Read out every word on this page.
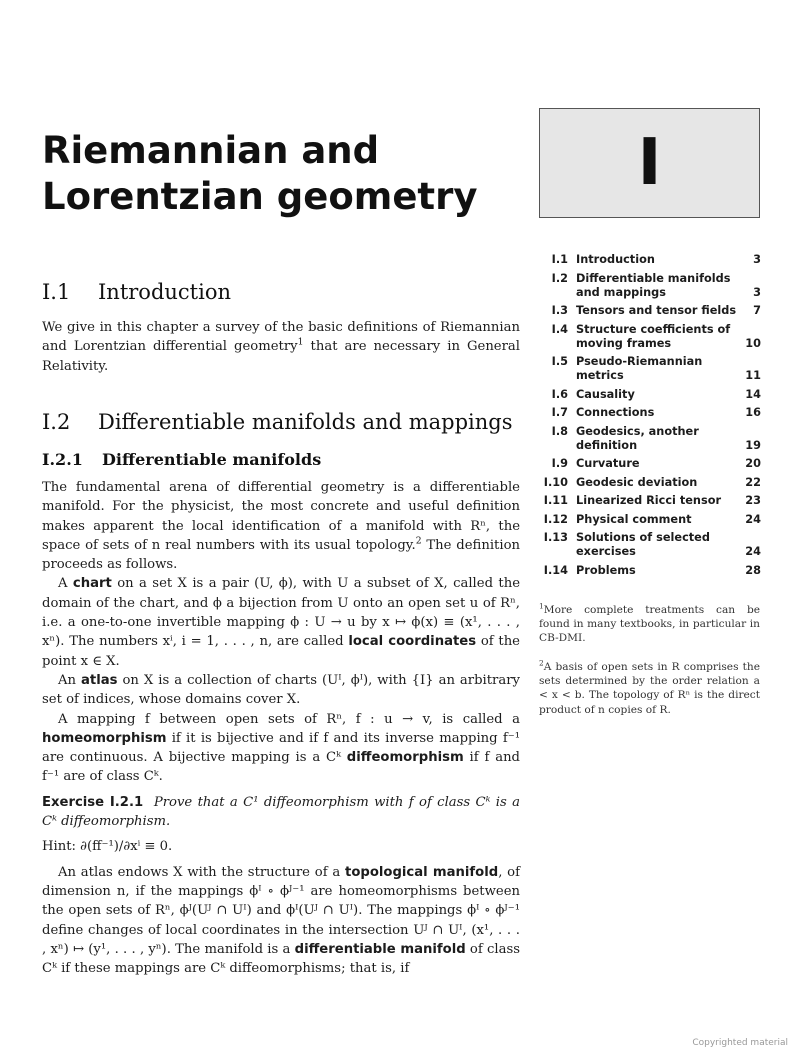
Riemannian and Lorentzian geometry	I
I.1 Introduction

We give in this chapter a survey of the basic definitions of Riemannian and Lorentzian differential geometry$^1$ that are necessary in General Relativity.

I.2 Differentiable manifolds and mappings
I.2.1 Differentiable manifolds

The fundamental arena of differential geometry is a differentiable manifold. For the physicist, the most concrete and useful definition makes apparent the local identification of a manifold with Rⁿ, the space of sets of n real numbers with its usual topology.$^2$ The definition proceeds as follows.

A chart on a set X is a pair (U, ϕ), with U a subset of X, called the domain of the chart, and ϕ a bijection from U onto an open set u of Rⁿ, i.e. a one-to-one invertible mapping ϕ : U → u by x ↦ ϕ(x) ≡ (x¹, . . . , xⁿ). The numbers xⁱ, i = 1, . . . , n, are called local coordinates of the point x ∈ X.

An atlas on X is a collection of charts (Uᴵ, ϕᴵ), with {I} an arbitrary set of indices, whose domains cover X.

A mapping f between open sets of Rⁿ, f : u → v, is called a homeomorphism if it is bijective and if f and its inverse mapping f⁻¹ are continuous. A bijective mapping is a Cᵏ diffeomorphism if f and f⁻¹ are of class Cᵏ.

Exercise I.2.1 Prove that a C¹ diffeomorphism with f of class Cᵏ is a Cᵏ diffeomorphism.

Hint: ∂(ff⁻¹)/∂xⁱ ≡ 0.

An atlas endows X with the structure of a topological manifold, of dimension n, if the mappings ϕᴵ ∘ ϕᴶ⁻¹ are homeomorphisms between the open sets of Rⁿ, ϕᴶ(Uᴶ ∩ Uᴵ) and ϕᴵ(Uᴶ ∩ Uᴵ). The mappings ϕᴵ ∘ ϕᴶ⁻¹ define changes of local coordinates in the intersection Uᴶ ∩ Uᴵ, (x¹, . . . , xⁿ) ↦ (y¹, . . . , yⁿ). The manifold is a differentiable manifold of class Cᵏ if these mappings are Cᵏ diffeomorphisms; that is, if

I.1 Introduction	3
I.2 Differentiable manifolds and mappings	3
I.3 Tensors and tensor fields	7
I.4 Structure coefficients of moving frames	10
I.5 Pseudo-Riemannian metrics	11
I.6 Causality	14
I.7 Connections	16
I.8 Geodesics, another definition	19
I.9 Curvature	20
I.10 Geodesic deviation	22
I.11 Linearized Ricci tensor	23
I.12 Physical comment	24
I.13 Solutions of selected exercises	24
I.14 Problems	28
$^1$More complete treatments can be found in many textbooks, in particular in CB-DMI.
$^2$A basis of open sets in R comprises the sets determined by the order relation a < x < b. The topology of Rⁿ is the direct product of n copies of R.
Copyrighted material
